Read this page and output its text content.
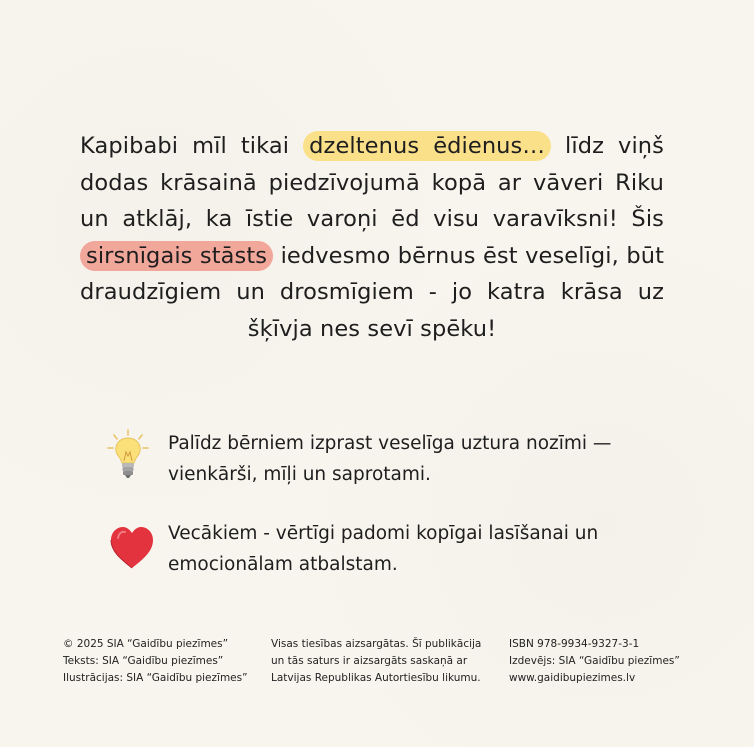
Kapibabi mīl tikai dzeltenus ēdienus… līdz viņš dodas krāsainā piedzīvojumā kopā ar vāveri Riku un atklāj, ka īstie varoņi ēd visu varavīksni! Šis sirsnīgais stāsts iedvesmo bērnus ēst veselīgi, būt draudzīgiem un drosmīgiem - jo katra krāsa uz šķīvja nes sevī spēku!

Palīdz bērniem izprast veselīga uztura nozīmi — vienkārši, mīļi un saprotami.
Vecākiem - vērtīgi padomi kopīgai lasīšanai un emocionālam atbalstam.
© 2025 SIA “Gaidību piezīmes”
Teksts: SIA “Gaidību piezīmes”
Ilustrācijas: SIA “Gaidību piezīmes”
Visas tiesības aizsargātas. Šī publikācija
un tās saturs ir aizsargāts saskaņā ar
Latvijas Republikas Autortiesību likumu.
ISBN 978-9934-9327-3-1
Izdevējs: SIA “Gaidību piezīmes”
www.gaidibupiezimes.lv
